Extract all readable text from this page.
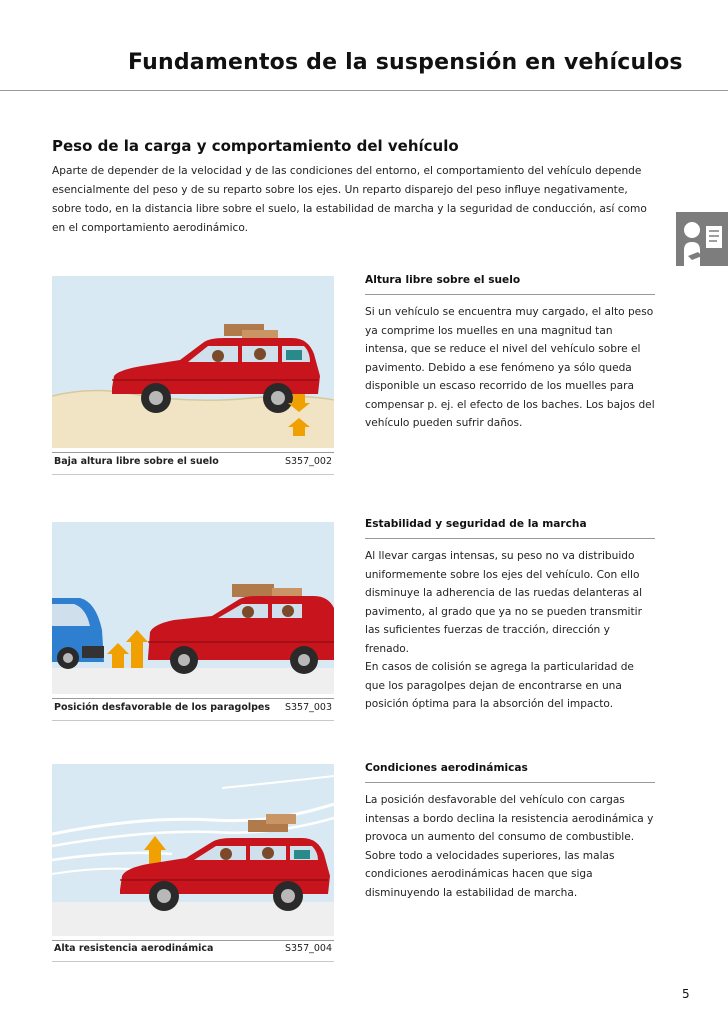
Fundamentos de la suspensión en vehículos
Peso de la carga y comportamiento del vehículo
Aparte de depender de la velocidad y de las condiciones del entorno, el comportamiento del vehículo depende esencialmente del peso y de su reparto sobre los ejes. Un reparto disparejo del peso influye negativamente, sobre todo, en la distancia libre sobre el suelo, la estabilidad de marcha y la seguridad de conducción, así como en el comportamiento aerodinámico.
Baja altura libre sobre el suelo	S357_002
Altura libre sobre el suelo
Si un vehículo se encuentra muy cargado, el alto peso ya comprime los muelles en una magnitud tan intensa, que se reduce el nivel del vehículo sobre el pavimento. Debido a ese fenómeno ya sólo queda disponible un escaso recorrido de los muelles para compensar p. ej. el efecto de los baches. Los bajos del vehículo pueden sufrir daños.
Posición desfavorable de los paragolpes S357_003
Estabilidad y seguridad de la marcha
Al llevar cargas intensas, su peso no va distribuido uniformemente sobre los ejes del vehículo. Con ello disminuye la adherencia de las ruedas delanteras al pavimento, al grado que ya no se pueden transmitir las suficientes fuerzas de tracción, dirección y frenado.
En casos de colisión se agrega la particularidad de que los paragolpes dejan de encontrarse en una posición óptima para la absorción del impacto.
Alta resistencia aerodinámica	S357_004
Condiciones aerodinámicas
La posición desfavorable del vehículo con cargas intensas a bordo declina la resistencia aerodinámica y provoca un aumento del consumo de combustible. Sobre todo a velocidades superiores, las malas condiciones aerodinámicas hacen que siga disminuyendo la estabilidad de marcha.
5
